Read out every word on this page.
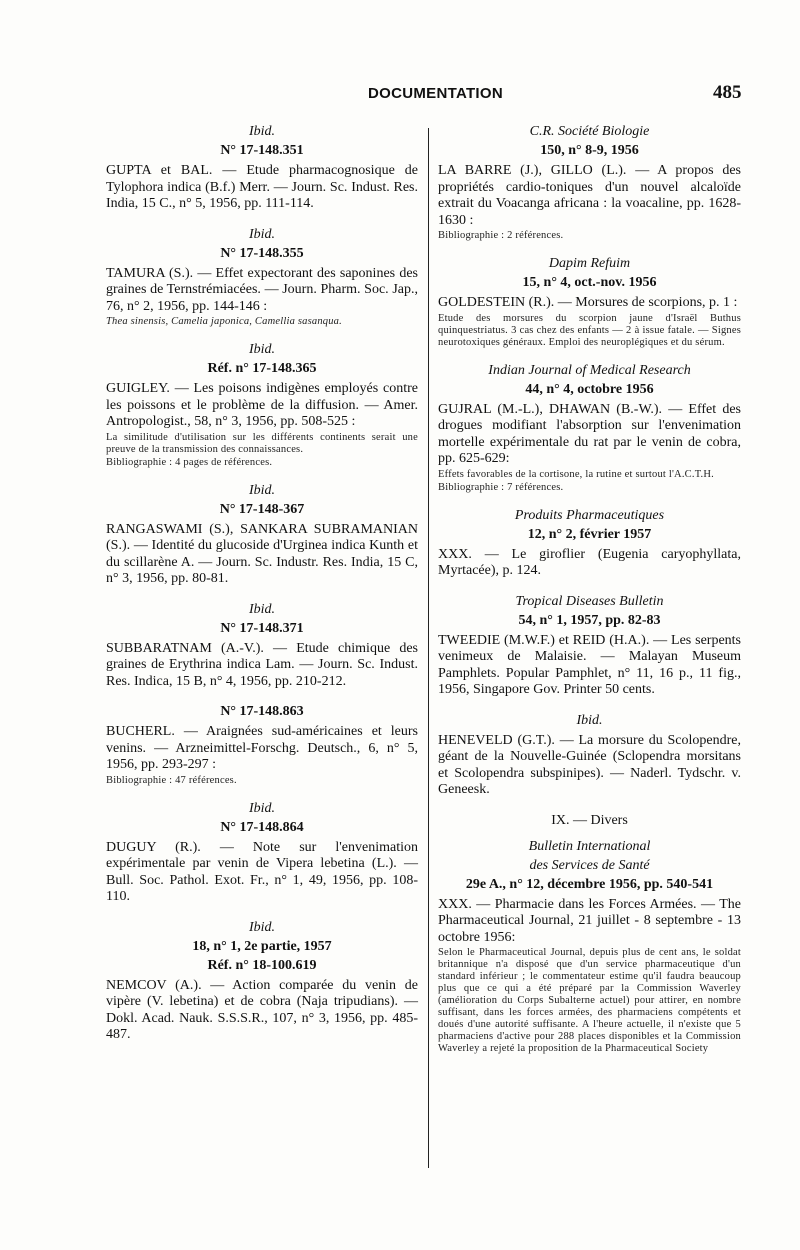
DOCUMENTATION	485
Ibid.
N° 17-148.351
GUPTA et BAL. — Etude pharmacognosique de Tylophora indica (B.f.) Merr. — Journ. Sc. Indust. Res. India, 15 C., n° 5, 1956, pp. 111-114.
Ibid.
N° 17-148.355
TAMURA (S.). — Effet expectorant des saponines des graines de Ternstrémiacées. — Journ. Pharm. Soc. Jap., 76, n° 2, 1956, pp. 144-146 :
Thea sinensis, Camelia japonica, Camellia sasanqua.
Ibid.
Réf. n° 17-148.365
GUIGLEY. — Les poisons indigènes employés contre les poissons et le problème de la diffusion. — Amer. Antropologist., 58, n° 3, 1956, pp. 508-525 :
La similitude d'utilisation sur les différents continents serait une preuve de la transmission des connaissances.
Bibliographie : 4 pages de références.
Ibid.
N° 17-148-367
RANGASWAMI (S.), SANKARA SUBRAMANIAN (S.). — Identité du glucoside d'Urginea indica Kunth et du scillarène A. — Journ. Sc. Industr. Res. India, 15 C, n° 3, 1956, pp. 80-81.
Ibid.
N° 17-148.371
SUBBARATNAM (A.-V.). — Etude chimique des graines de Erythrina indica Lam. — Journ. Sc. Indust. Res. Indica, 15 B, n° 4, 1956, pp. 210-212.
N° 17-148.863
BUCHERL. — Araignées sud-américaines et leurs venins. — Arzneimittel-Forschg. Deutsch., 6, n° 5, 1956, pp. 293-297 :
Bibliographie : 47 références.
Ibid.
N° 17-148.864
DUGUY (R.). — Note sur l'envenimation expérimentale par venin de Vipera lebetina (L.). — Bull. Soc. Pathol. Exot. Fr., n° 1, 49, 1956, pp. 108-110.
Ibid.
18, n° 1, 2e partie, 1957
Réf. n° 18-100.619
NEMCOV (A.). — Action comparée du venin de vipère (V. lebetina) et de cobra (Naja tripudians). — Dokl. Acad. Nauk. S.S.S.R., 107, n° 3, 1956, pp. 485-487.
C.R. Société Biologie
150, n° 8-9, 1956
LA BARRE (J.), GILLO (L.). — A propos des propriétés cardio-toniques d'un nouvel alcaloïde extrait du Voacanga africana : la voacaline, pp. 1628-1630 :
Bibliographie : 2 références.
Dapim Refuim
15, n° 4, oct.-nov. 1956
GOLDESTEIN (R.). — Morsures de scorpions, p. 1 :
Etude des morsures du scorpion jaune d'Israël Buthus quinquestriatus. 3 cas chez des enfants — 2 à issue fatale. — Signes neurotoxiques généraux. Emploi des neuroplégiques et du sérum.
Indian Journal of Medical Research
44, n° 4, octobre 1956
GUJRAL (M.-L.), DHAWAN (B.-W.). — Effet des drogues modifiant l'absorption sur l'envenimation mortelle expérimentale du rat par le venin de cobra, pp. 625-629:
Effets favorables de la cortisone, la rutine et surtout l'A.C.T.H.
Bibliographie : 7 références.
Produits Pharmaceutiques
12, n° 2, février 1957
XXX. — Le giroflier (Eugenia caryophyllata, Myrtacée), p. 124.
Tropical Diseases Bulletin
54, n° 1, 1957, pp. 82-83
TWEEDIE (M.W.F.) et REID (H.A.). — Les serpents venimeux de Malaisie. — Malayan Museum Pamphlets. Popular Pamphlet, n° 11, 16 p., 11 fig., 1956, Singapore Gov. Printer 50 cents.
Ibid.
HENEVELD (G.T.). — La morsure du Scolopendre, géant de la Nouvelle-Guinée (Sclopendra morsitans et Scolopendra subspinipes). — Naderl. Tydschr. v. Geneesk.
IX. — Divers
Bulletin International
des Services de Santé
29e A., n° 12, décembre 1956, pp. 540-541
XXX. — Pharmacie dans les Forces Armées. — The Pharmaceutical Journal, 21 juillet - 8 septembre - 13 octobre 1956:
Selon le Pharmaceutical Journal, depuis plus de cent ans, le soldat britannique n'a disposé que d'un service pharmaceutique d'un standard inférieur ; le commentateur estime qu'il faudra beaucoup plus que ce qui a été préparé par la Commission Waverley (amélioration du Corps Subalterne actuel) pour attirer, en nombre suffisant, dans les forces armées, des pharmaciens compétents et doués d'une autorité suffisante. A l'heure actuelle, il n'existe que 5 pharmaciens d'active pour 288 places disponibles et la Commission Waverley a rejeté la proposition de la Pharmaceutical Society
